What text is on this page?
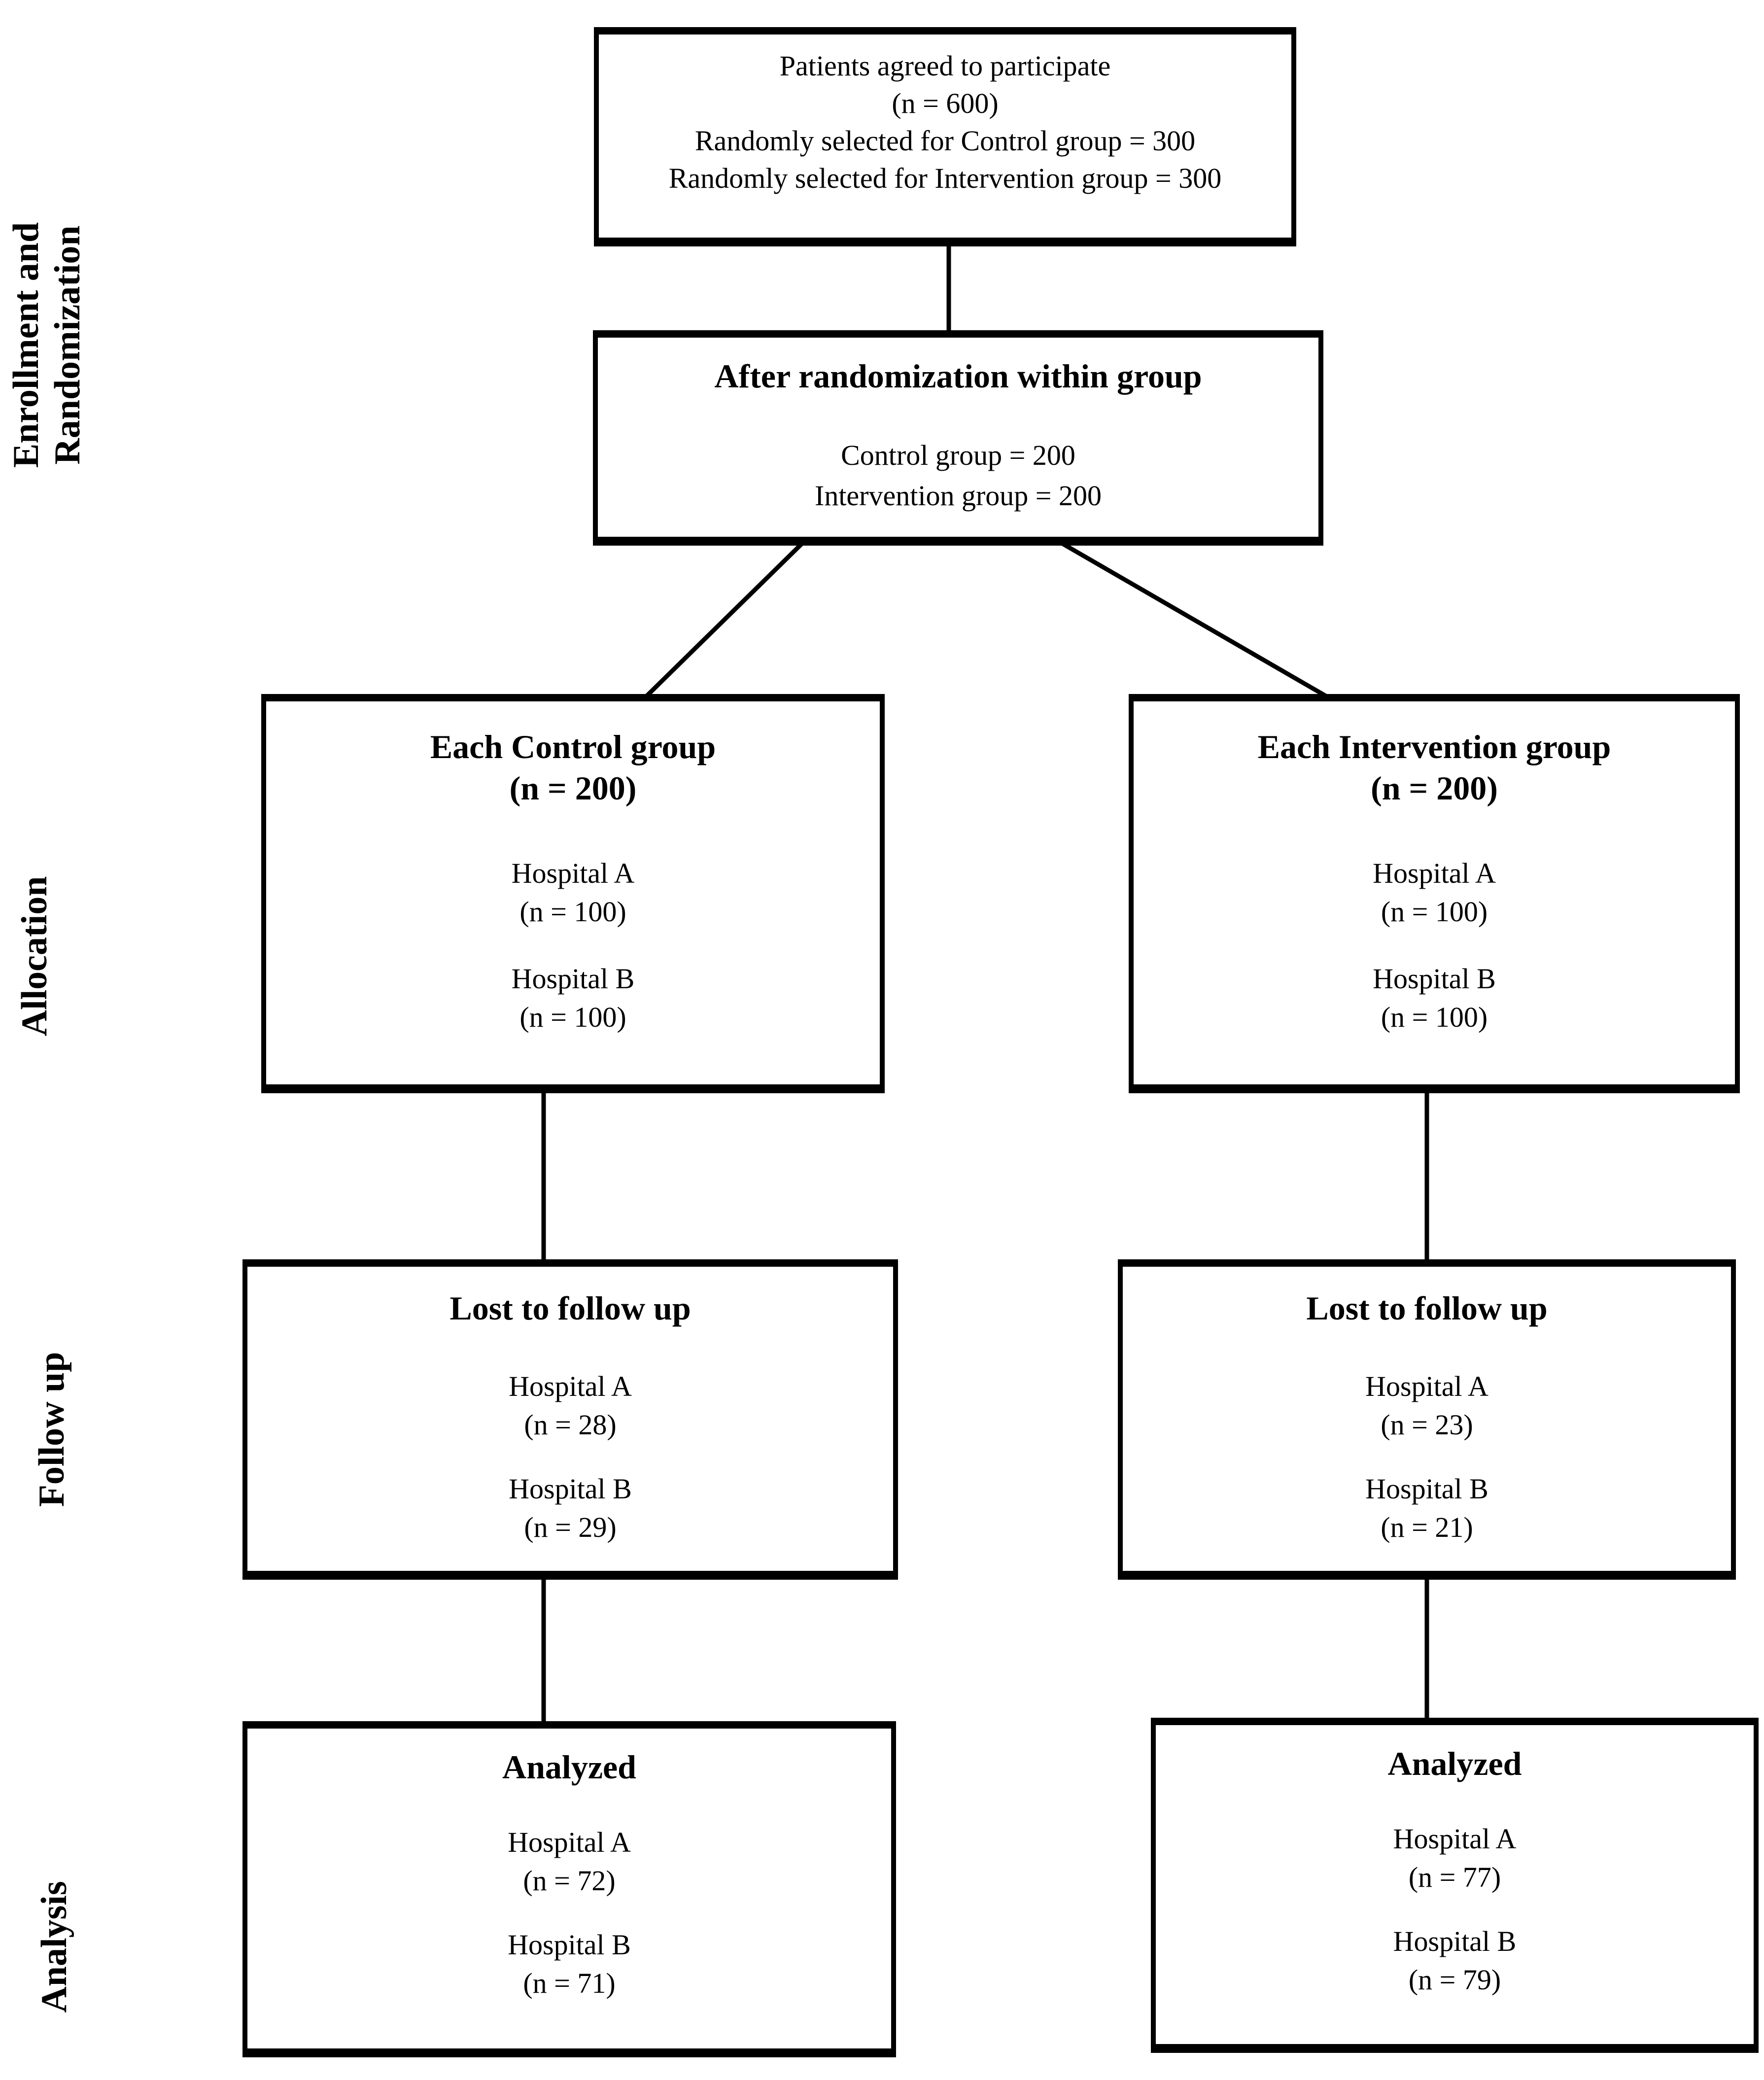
Enrollment and Randomization
Allocation
Follow up
Analysis
Patients agreed to participate
(n = 600)
Randomly selected for Control group = 300
Randomly selected for Intervention group = 300
After randomization within group
Control group = 200
Intervention group = 200
Each Control group
(n = 200)
Hospital A
(n = 100)
Hospital B
(n = 100)
Each Intervention group
(n = 200)
Hospital A
(n = 100)
Hospital B
(n = 100)
Lost to follow up
Hospital A
(n = 28)
Hospital B
(n = 29)
Lost to follow up
Hospital A
(n = 23)
Hospital B
(n = 21)
Analyzed
Hospital A
(n = 72)
Hospital B
(n = 71)
Analyzed
Hospital A
(n = 77)
Hospital B
(n = 79)
